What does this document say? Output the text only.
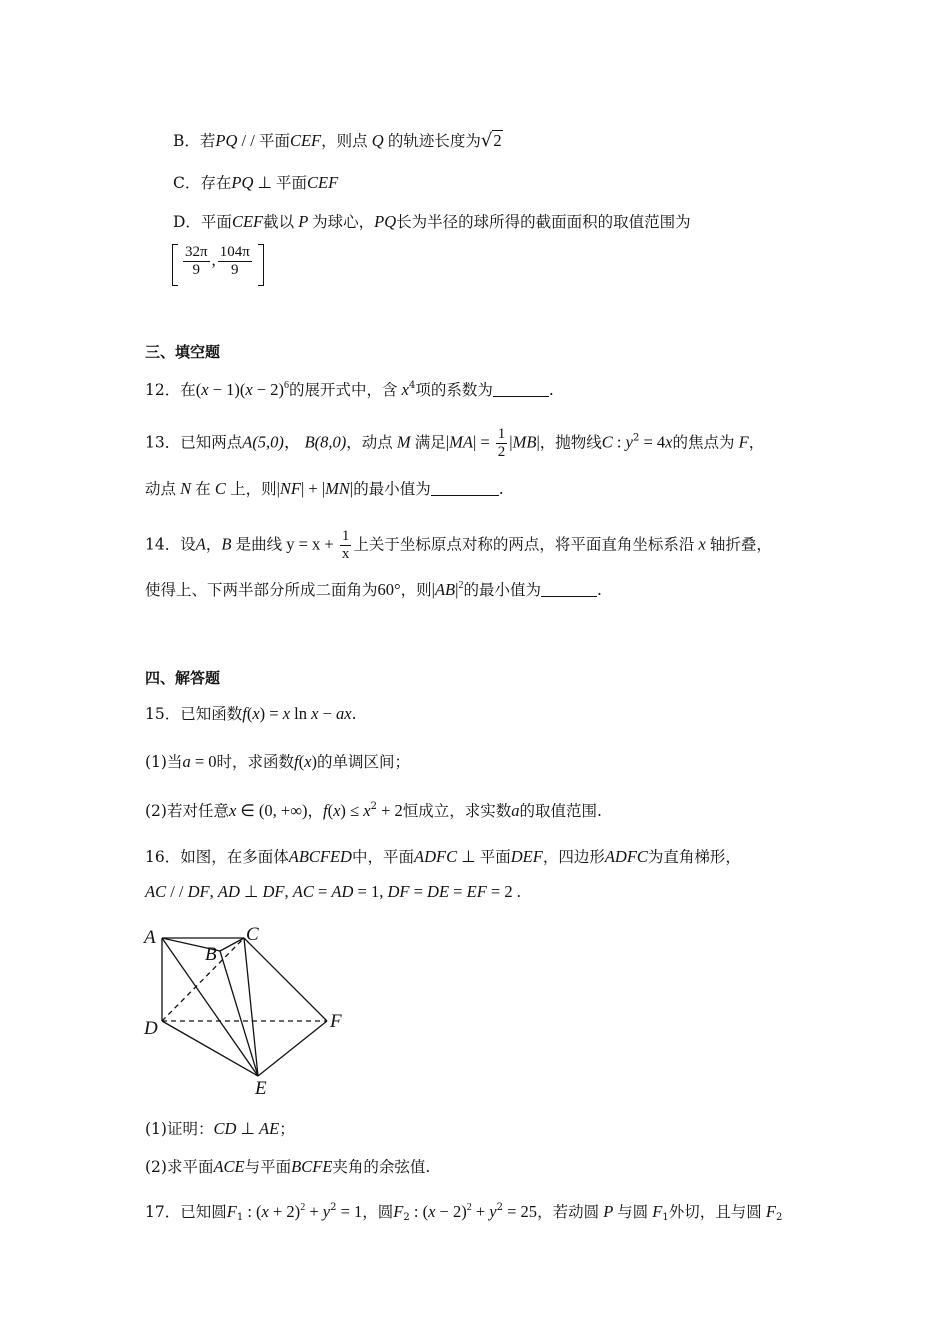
B．若PQ / / 平面CEF，则点 Q 的轨迹长度为√2
C．存在PQ ⊥ 平面CEF
D．平面CEF截以 P 为球心，PQ长为半径的球所得的截面面积的取值范围为
$\frac{32\pi}{9}$ , $\frac{104\pi}{9}$
三、填空题
12．在$(x - 1)(x - 2)^6$的展开式中，含 $x^4$项的系数为	.
13．已知两点A(5,0)， B(8,0)，动点 M 满足$|MA| = \frac{1}{2} |MB|$，抛物线C : $y^2 = 4x$的焦点为 F，
动点 N 在 C 上，则|NF| + |MN|的最小值为	.
14．设A，B 是曲线 $y = x + \frac{1}{x}$ 上关于坐标原点对称的两点，将平面直角坐标系沿 x 轴折叠，
使得上、下两半部分所成二面角为60°，则$|AB|^2$的最小值为	.
四、解答题
15．已知函数f(x) = x ln x − ax.
(1)当a = 0时，求函数f(x)的单调区间；
(2)若对任意x ∈ (0, +∞)，$f(x) \le x^2 + 2$恒成立，求实数a的取值范围.
16．如图，在多面体ABCFED中，平面ADFC ⊥ 平面DEF，四边形ADFC为直角梯形，
AC / / DF, AD ⊥ DF, AC = AD = 1, DF = DE = EF = 2 .
A
B
C
D
E
F
(1)证明：CD ⊥ AE；
(2)求平面ACE与平面BCFE夹角的余弦值.
17．已知圆$F_1$ : $(x + 2)^2 + y^2 = 1$，圆$F_2$ : $(x - 2)^2 + y^2 = 25$，若动圆 P 与圆 $F_1$外切，且与圆 $F_2$
